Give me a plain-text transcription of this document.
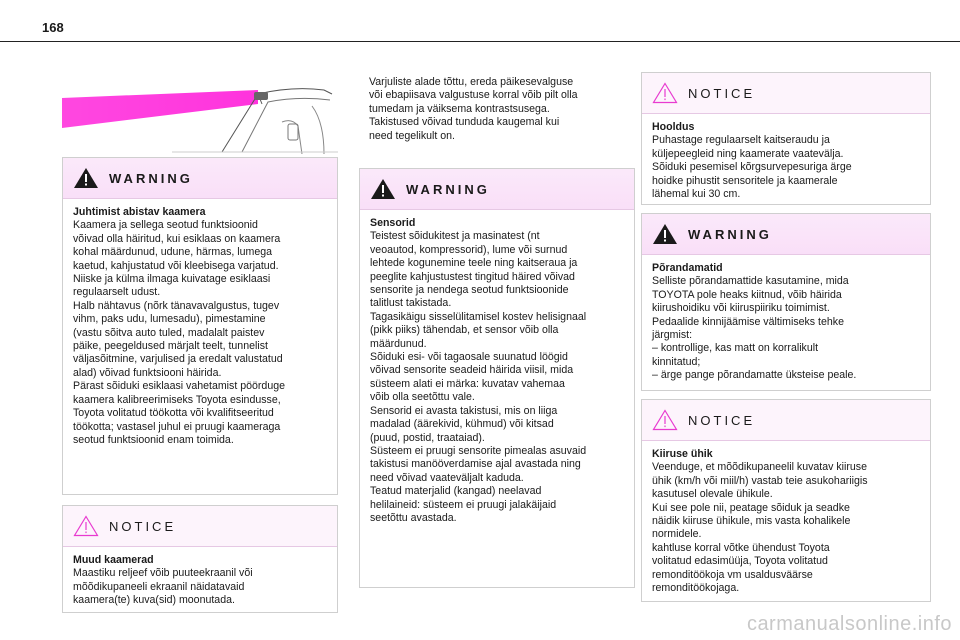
168
WARNING
Juhtimist abistav kaamera

Kaamera ja sellega seotud funktsioonid
võivad olla häiritud, kui esiklaas on kaamera
kohal määrdunud, udune, härmas, lumega
kaetud, kahjustatud või kleebisega varjatud.
Niiske ja külma ilmaga kuivatage esiklaasi
regulaarselt udust.
Halb nähtavus (nõrk tänavavalgustus, tugev
vihm, paks udu, lumesadu), pimestamine
(vastu sõitva auto tuled, madalalt paistev
päike, peegeldused märjalt teelt, tunnelist
väljasõitmine, varjulised ja eredalt valustatud
alad) võivad funktsiooni häirida.
Pärast sõiduki esiklaasi vahetamist pöörduge
kaamera kalibreerimiseks Toyota esindusse,
Toyota volitatud töökotta või kvalifitseeritud
töökotta; vastasel juhul ei pruugi kaameraga
seotud funktsioonid enam toimida.

NOTICE
Muud kaamerad

Maastiku reljeef võib puuteekraanil või
mõõdikupaneeli ekraanil näidatavaid
kaamera(te) kuva(sid) moonutada.

Varjuliste alade tõttu, ereda päikesevalguse
või ebapiisava valgustuse korral võib pilt olla
tumedam ja väiksema kontrastsusega.
Takistused võivad tunduda kaugemal kui
need tegelikult on.
WARNING
Sensorid

Teistest sõidukitest ja masinatest (nt
veoautod, kompressorid), lume või surnud
lehtede kogunemine teele ning kaitseraua ja
peeglite kahjustustest tingitud häired võivad
sensorite ja nendega seotud funktsioonide
talitlust takistada.
Tagasikäigu sisselülitamisel kostev helisignaal
(pikk piiks) tähendab, et sensor võib olla
määrdunud.
Sõiduki esi- või tagaosale suunatud löögid
võivad sensorite seadeid häirida viisil, mida
süsteem alati ei märka: kuvatav vahemaa
võib olla seetõttu vale.
Sensorid ei avasta takistusi, mis on liiga
madalad (äärekivid, kühmud) või kitsad
(puud, postid, traataiad).
Süsteem ei pruugi sensorite pimealas asuvaid
takistusi manööverdamise ajal avastada ning
need võivad vaateväljalt kaduda.
Teatud materjalid (kangad) neelavad
helilaineid: süsteem ei pruugi jalakäijaid
seetõttu avastada.

NOTICE
Hooldus

Puhastage regulaarselt kaitseraudu ja
küljepeegleid ning kaamerate vaatevälja.
Sõiduki pesemisel kõrgsurvepesuriga ärge
hoidke pihustit sensoritele ja kaamerale
lähemal kui 30 cm.

WARNING
Põrandamatid

Selliste põrandamattide kasutamine, mida
TOYOTA pole heaks kiitnud, võib häirida
kiirushoidiku või kiiruspiiriku toimimist.
Pedaalide kinnijäämise vältimiseks tehke
järgmist:
– kontrollige, kas matt on korralikult
kinnitatud;
– ärge pange põrandamatte üksteise peale.

NOTICE
Kiiruse ühik

Veenduge, et mõõdikupaneelil kuvatav kiiruse
ühik (km/h või miil/h) vastab teie asukohariigis
kasutusel olevale ühikule.
Kui see pole nii, peatage sõiduk ja seadke
näidik kiiruse ühikule, mis vasta kohalikele
normidele.
kahtluse korral võtke ühendust Toyota
volitatud edasimüüja, Toyota volitatud
remonditöökoja vm usaldusväärse
remonditöökojaga.

carmanualsonline.info
